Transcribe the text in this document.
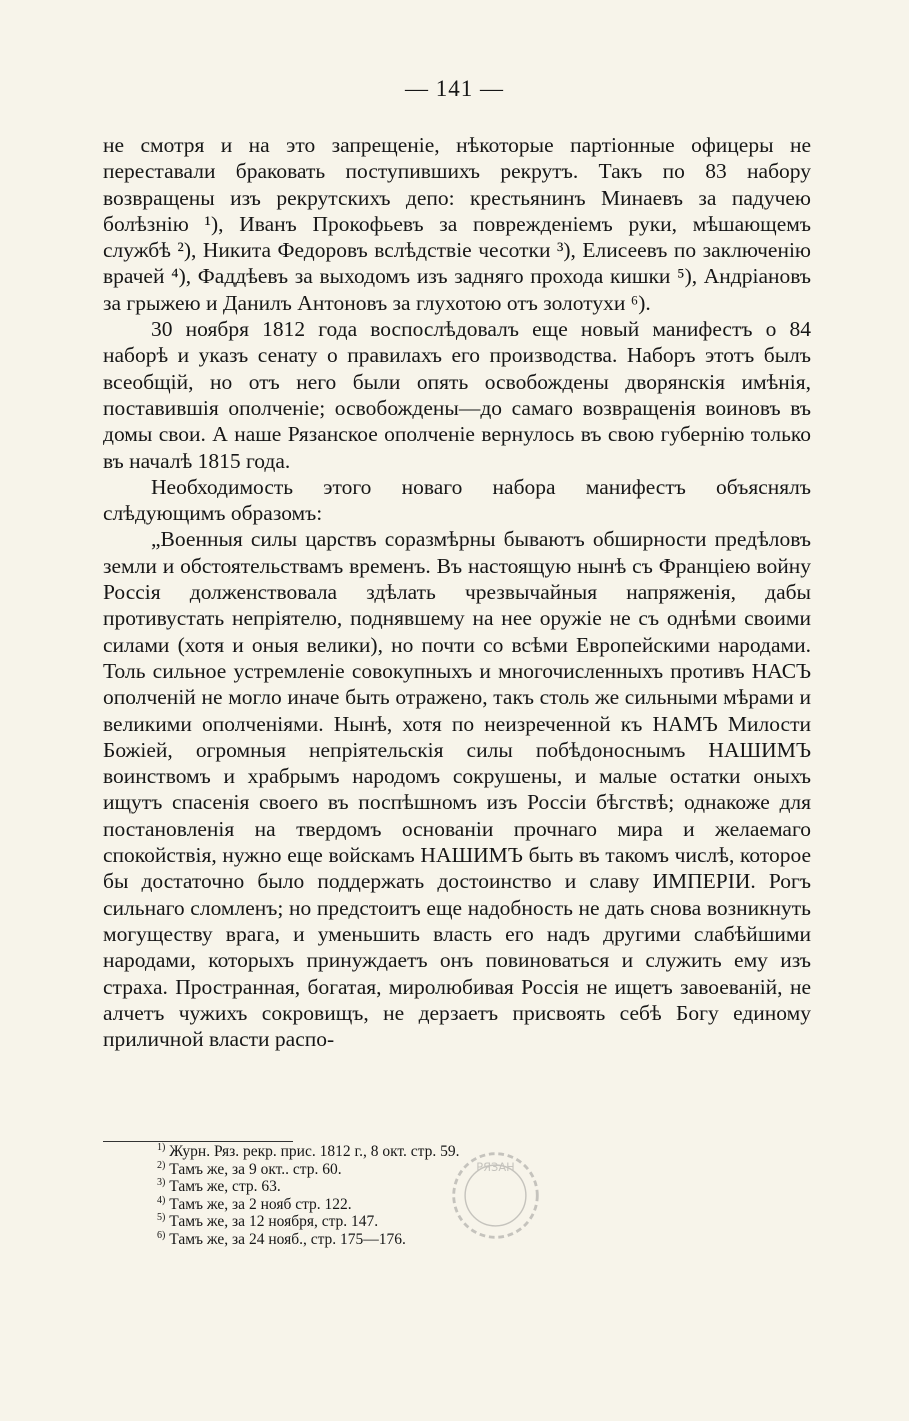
— 141 —

не смотря и на это запрещеніе, нѣкоторые партіонные офицеры не переставали браковать поступившихъ рекрутъ. Такъ по 83 набору возвращены изъ рекрутскихъ депо: крестьянинъ Минаевъ за падучею болѣзнію ¹), Иванъ Прокофьевъ за поврежденіемъ руки, мѣшающемъ службѣ ²), Никита Федоровъ вслѣдствіе чесотки ³), Елисеевъ по заключенію врачей ⁴), Фаддѣевъ за выходомъ изъ задняго прохода кишки ⁵), Андріановъ за грыжею и Данилъ Антоновъ за глухотою отъ золотухи ⁶).

30 ноября 1812 года воспослѣдовалъ еще новый манифестъ о 84 наборѣ и указъ сенату о правилахъ его производства. Наборъ этотъ былъ всеобщій, но отъ него были опять освобождены дворянскія имѣнія, поставившія ополченіе; освобождены—до самаго возвращенія воиновъ въ домы свои. А наше Рязанское ополченіе вернулось въ свою губернію только въ началѣ 1815 года.

Необходимость этого новаго набора манифестъ объяснялъ слѣдующимъ образомъ:

„Военныя силы царствъ соразмѣрны бываютъ обширности предѣловъ земли и обстоятельствамъ временъ. Въ настоящую нынѣ съ Франціею войну Россія долженствовала здѣлать чрезвычайныя напряженія, дабы противустать непріятелю, поднявшему на нее оружіе не съ однѣми своими силами (хотя и оныя велики), но почти со всѣми Европейскими народами. Толь сильное устремленіе совокупныхъ и многочисленныхъ противъ НАСЪ ополченій не могло иначе быть отражено, такъ столь же сильными мѣрами и великими ополченіями. Нынѣ, хотя по неизреченной къ НАМЪ Милости Божіей, огромныя непріятельскія силы побѣдоноснымъ НАШИМЪ воинствомъ и храбрымъ народомъ сокрушены, и малые остатки оныхъ ищутъ спасенія своего въ поспѣшномъ изъ Россіи бѣгствѣ; однакоже для постановленія на твердомъ основаніи прочнаго мира и желаемаго спокойствія, нужно еще войскамъ НАШИМЪ быть въ такомъ числѣ, которое бы достаточно было поддержать достоинство и славу ИМПЕРІИ. Рогъ сильнаго сломленъ; но предстоитъ еще надобность не дать снова возникнуть могуществу врага, и уменьшить власть его надъ другими слабѣйшими народами, которыхъ принуждаетъ онъ повиноваться и служить ему изъ страха. Пространная, богатая, миролюбивая Россія не ищетъ завоеваній, не алчетъ чужихъ сокровищъ, не дерзаетъ присвоять себѣ Богу единому приличной власти распо-

$^{1)}$ Журн. Ряз. рекр. прис. 1812 г., 8 окт. стр. 59.

$^{2)}$ Тамъ же, за 9 окт.. стр. 60.

$^{3)}$ Тамъ же, стр. 63.

$^{4)}$ Тамъ же, за 2 нояб стр. 122.

$^{5)}$ Тамъ же, за 12 ноября, стр. 147.

$^{6)}$ Тамъ же, за 24 нояб., стр. 175—176.

РЯЗАН
